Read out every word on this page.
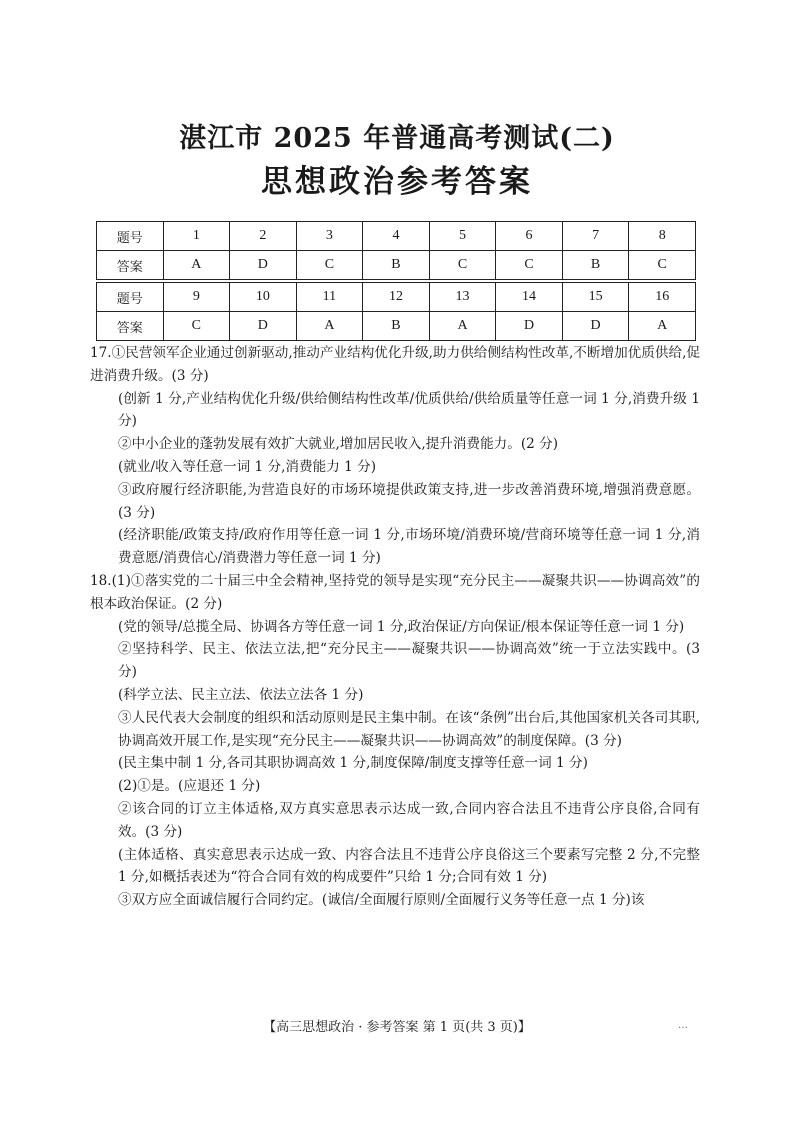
湛江市 2025 年普通高考测试(二)
思想政治参考答案
题号	1	2	3	4	5	6	7	8
答案	A	D	C	B	C	C	B	C

题号	9	10	11	12	13	14	15	16
答案	C	D	A	B	A	D	D	A

17.①民营领军企业通过创新驱动,推动产业结构优化升级,助力供给侧结构性改革,不断增加优质供给,促进消费升级。(3 分)

(创新 1 分,产业结构优化升级/供给侧结构性改革/优质供给/供给质量等任意一词 1 分,消费升级 1 分)

②中小企业的蓬勃发展有效扩大就业,增加居民收入,提升消费能力。(2 分)

(就业/收入等任意一词 1 分,消费能力 1 分)

③政府履行经济职能,为营造良好的市场环境提供政策支持,进一步改善消费环境,增强消费意愿。(3 分)

(经济职能/政策支持/政府作用等任意一词 1 分,市场环境/消费环境/营商环境等任意一词 1 分,消费意愿/消费信心/消费潜力等任意一词 1 分)

18.(1)①落实党的二十届三中全会精神,坚持党的领导是实现“充分民主——凝聚共识——协调高效”的根本政治保证。(2 分)

(党的领导/总揽全局、协调各方等任意一词 1 分,政治保证/方向保证/根本保证等任意一词 1 分)

②坚持科学、民主、依法立法,把“充分民主——凝聚共识——协调高效”统一于立法实践中。(3 分)

(科学立法、民主立法、依法立法各 1 分)

③人民代表大会制度的组织和活动原则是民主集中制。在该“条例”出台后,其他国家机关各司其职,协调高效开展工作,是实现“充分民主——凝聚共识——协调高效”的制度保障。(3 分)

(民主集中制 1 分,各司其职协调高效 1 分,制度保障/制度支撑等任意一词 1 分)

(2)①是。(应退还 1 分)

②该合同的订立主体适格,双方真实意思表示达成一致,合同内容合法且不违背公序良俗,合同有效。(3 分)

(主体适格、真实意思表示达成一致、内容合法且不违背公序良俗这三个要素写完整 2 分,不完整 1 分,如概括表述为“符合合同有效的构成要件”只给 1 分;合同有效 1 分)

③双方应全面诚信履行合同约定。(诚信/全面履行原则/全面履行义务等任意一点 1 分)该

【高三思想政治 · 参考答案 第 1 页(共 3 页)】	…
